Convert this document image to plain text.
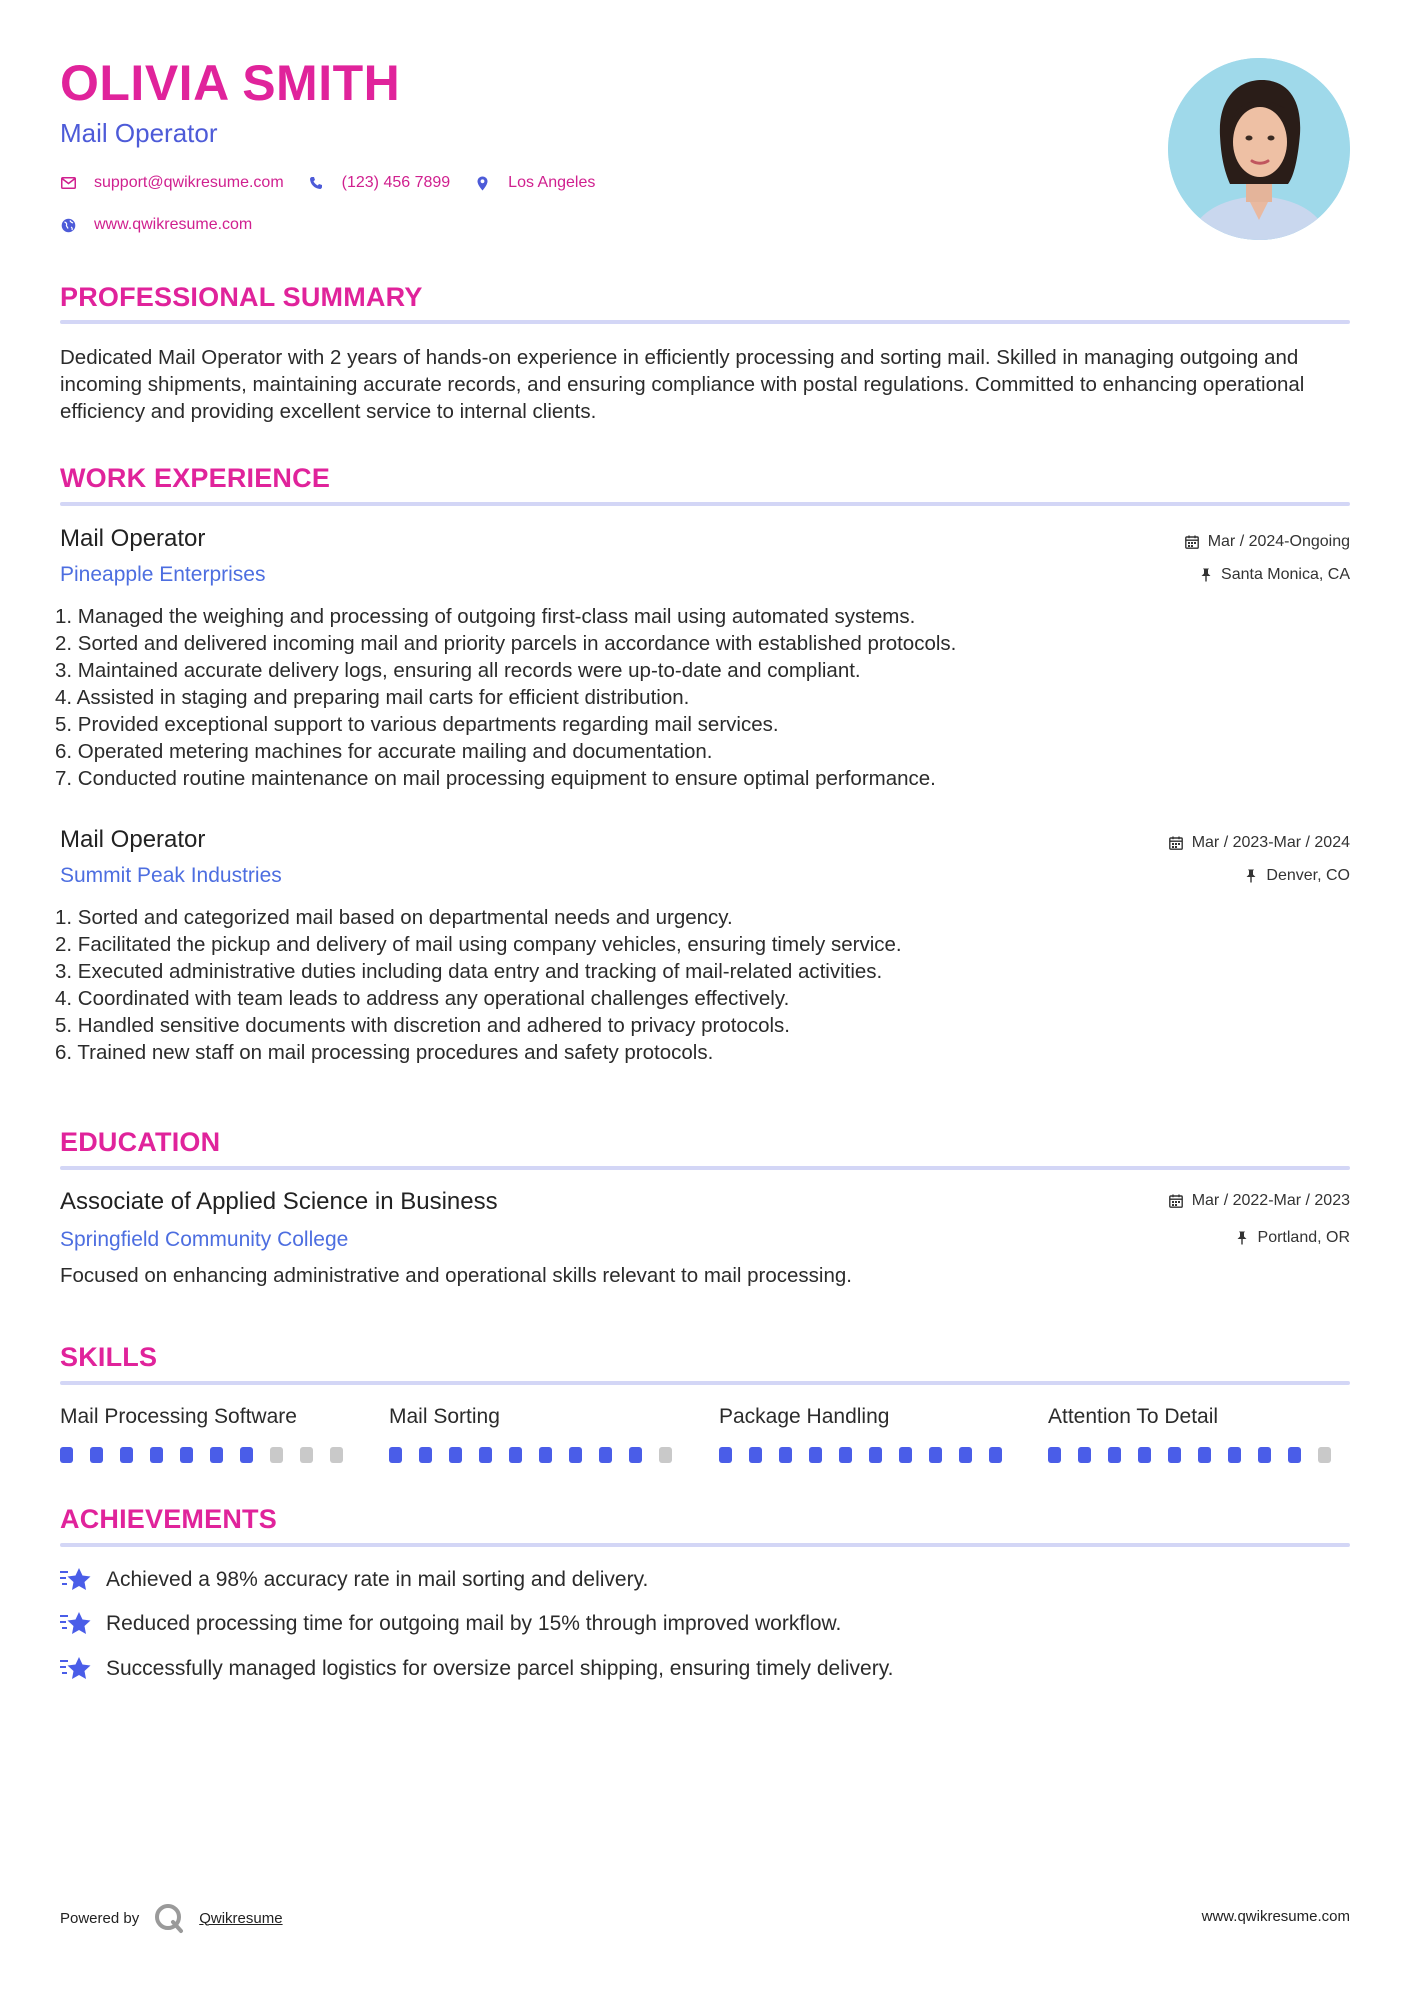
OLIVIA SMITH
Mail Operator
support@qwikresume.com	(123) 456 7899	Los Angeles
www.qwikresume.com
PROFESSIONAL SUMMARY
Dedicated Mail Operator with 2 years of hands-on experience in efficiently processing and sorting mail. Skilled in managing outgoing and incoming shipments, maintaining accurate records, and ensuring compliance with postal regulations. Committed to enhancing operational efficiency and providing excellent service to internal clients.
WORK EXPERIENCE
Mail Operator
Pineapple Enterprises
Mar / 2024-Ongoing
Santa Monica, CA
1. Managed the weighing and processing of outgoing first-class mail using automated systems.
2. Sorted and delivered incoming mail and priority parcels in accordance with established protocols.
3. Maintained accurate delivery logs, ensuring all records were up-to-date and compliant.
4. Assisted in staging and preparing mail carts for efficient distribution.
5. Provided exceptional support to various departments regarding mail services.
6. Operated metering machines for accurate mailing and documentation.
7. Conducted routine maintenance on mail processing equipment to ensure optimal performance.
Mail Operator
Summit Peak Industries
Mar / 2023-Mar / 2024
Denver, CO
1. Sorted and categorized mail based on departmental needs and urgency.
2. Facilitated the pickup and delivery of mail using company vehicles, ensuring timely service.
3. Executed administrative duties including data entry and tracking of mail-related activities.
4. Coordinated with team leads to address any operational challenges effectively.
5. Handled sensitive documents with discretion and adhered to privacy protocols.
6. Trained new staff on mail processing procedures and safety protocols.
EDUCATION
Associate of Applied Science in Business
Springfield Community College
Mar / 2022-Mar / 2023
Portland, OR
Focused on enhancing administrative and operational skills relevant to mail processing.
SKILLS
Mail Processing Software	Mail Sorting	Package Handling	Attention To Detail
ACHIEVEMENTS
Achieved a 98% accuracy rate in mail sorting and delivery.
Reduced processing time for outgoing mail by 15% through improved workflow.
Successfully managed logistics for oversize parcel shipping, ensuring timely delivery.
Powered by	Qwikresume	www.qwikresume.com
